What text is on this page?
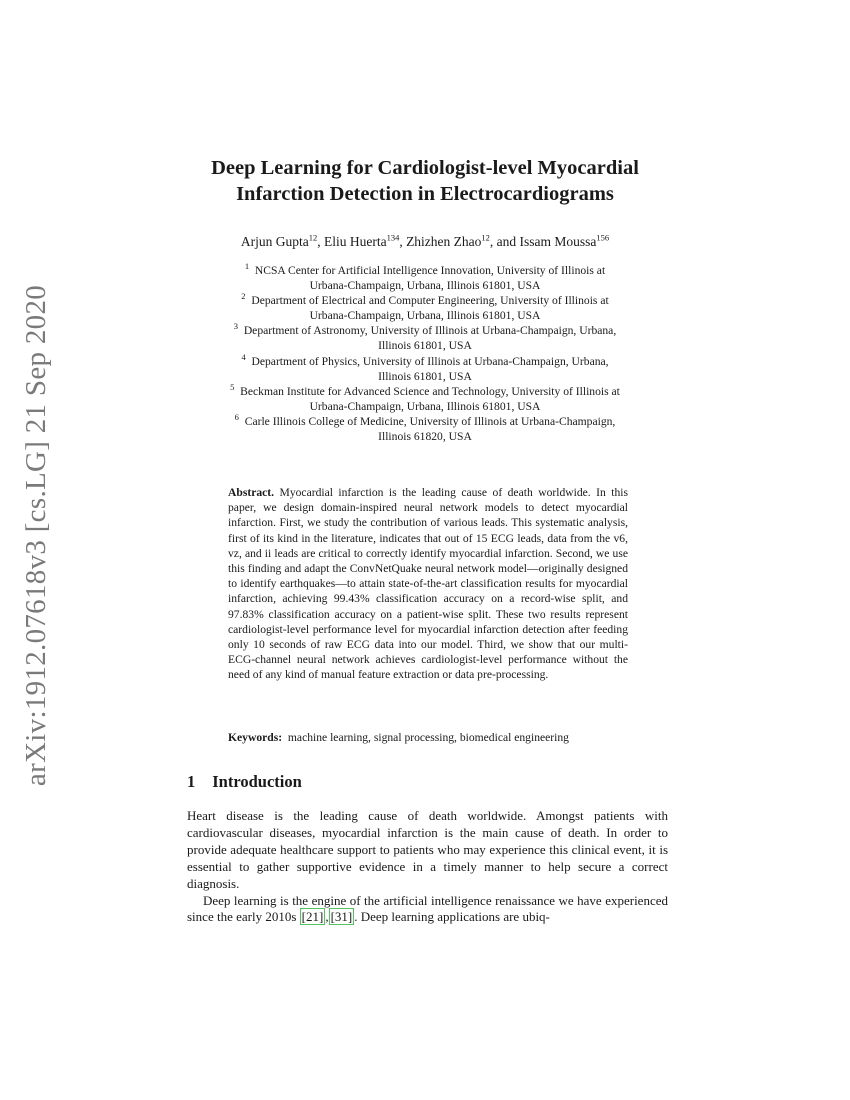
arXiv:1912.07618v3 [cs.LG] 21 Sep 2020
Deep Learning for Cardiologist-level Myocardial
Infarction Detection in Electrocardiograms
Arjun Gupta$^{12}$, Eliu Huerta$^{134}$, Zhizhen Zhao$^{12}$, and Issam Moussa$^{156}$

$^1$ NCSA Center for Artificial Intelligence Innovation, University of Illinois at
Urbana-Champaign, Urbana, Illinois 61801, USA

$^2$ Department of Electrical and Computer Engineering, University of Illinois at
Urbana-Champaign, Urbana, Illinois 61801, USA

$^3$ Department of Astronomy, University of Illinois at Urbana-Champaign, Urbana,
Illinois 61801, USA

$^4$ Department of Physics, University of Illinois at Urbana-Champaign, Urbana,
Illinois 61801, USA

$^5$ Beckman Institute for Advanced Science and Technology, University of Illinois at
Urbana-Champaign, Urbana, Illinois 61801, USA

$^6$ Carle Illinois College of Medicine, University of Illinois at Urbana-Champaign,
Illinois 61820, USA

Abstract. Myocardial infarction is the leading cause of death worldwide. In this paper, we design domain-inspired neural network models to detect myocardial infarction. First, we study the contribution of various leads. This systematic analysis, first of its kind in the literature, indicates that out of 15 ECG leads, data from the v6, vz, and ii leads are critical to correctly identify myocardial infarction. Second, we use this finding and adapt the ConvNetQuake neural network model—originally designed to identify earthquakes—to attain state-of-the-art classification results for myocardial infarction, achieving 99.43% classification accuracy on a record-wise split, and 97.83% classification accuracy on a patient-wise split. These two results represent cardiologist-level performance level for myocardial infarction detection after feeding only 10 seconds of raw ECG data into our model. Third, we show that our multi-ECG-channel neural network achieves cardiologist-level performance without the need of any kind of manual feature extraction or data pre-processing.

Keywords: machine learning, signal processing, biomedical engineering

1 Introduction

Heart disease is the leading cause of death worldwide. Amongst patients with cardiovascular diseases, myocardial infarction is the main cause of death. In order to provide adequate healthcare support to patients who may experience this clinical event, it is essential to gather supportive evidence in a timely manner to help secure a correct diagnosis.

Deep learning is the engine of the artificial intelligence renaissance we have experienced since the early 2010s [21] , [31] . Deep learning applications are ubiq-
